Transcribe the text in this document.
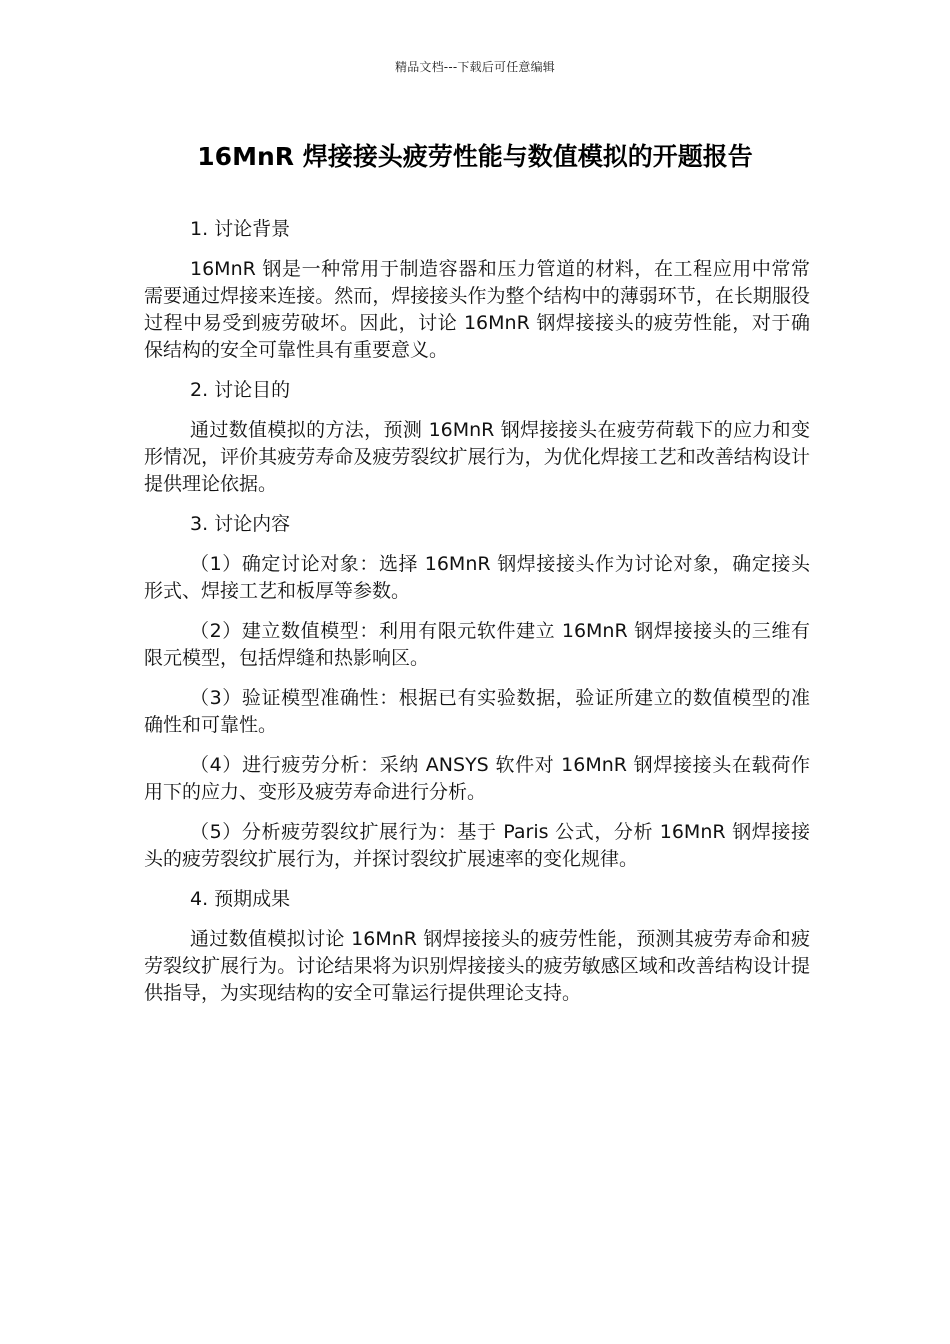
精品文档---下载后可任意编辑
16MnR 焊接接头疲劳性能与数值模拟的开题报告
1. 讨论背景

16MnR 钢是一种常用于制造容器和压力管道的材料，在工程应用中常常需要通过焊接来连接。然而，焊接接头作为整个结构中的薄弱环节，在长期服役过程中易受到疲劳破坏。因此，讨论 16MnR 钢焊接接头的疲劳性能，对于确保结构的安全可靠性具有重要意义。

2. 讨论目的

通过数值模拟的方法，预测 16MnR 钢焊接接头在疲劳荷载下的应力和变形情况，评价其疲劳寿命及疲劳裂纹扩展行为，为优化焊接工艺和改善结构设计提供理论依据。

3. 讨论内容

（1）确定讨论对象：选择 16MnR 钢焊接接头作为讨论对象，确定接头形式、焊接工艺和板厚等参数。

（2）建立数值模型：利用有限元软件建立 16MnR 钢焊接接头的三维有限元模型，包括焊缝和热影响区。

（3）验证模型准确性：根据已有实验数据，验证所建立的数值模型的准确性和可靠性。

（4）进行疲劳分析：采纳 ANSYS 软件对 16MnR 钢焊接接头在载荷作用下的应力、变形及疲劳寿命进行分析。

（5）分析疲劳裂纹扩展行为：基于 Paris 公式，分析 16MnR 钢焊接接头的疲劳裂纹扩展行为，并探讨裂纹扩展速率的变化规律。

4. 预期成果

通过数值模拟讨论 16MnR 钢焊接接头的疲劳性能，预测其疲劳寿命和疲劳裂纹扩展行为。讨论结果将为识别焊接接头的疲劳敏感区域和改善结构设计提供指导，为实现结构的安全可靠运行提供理论支持。
